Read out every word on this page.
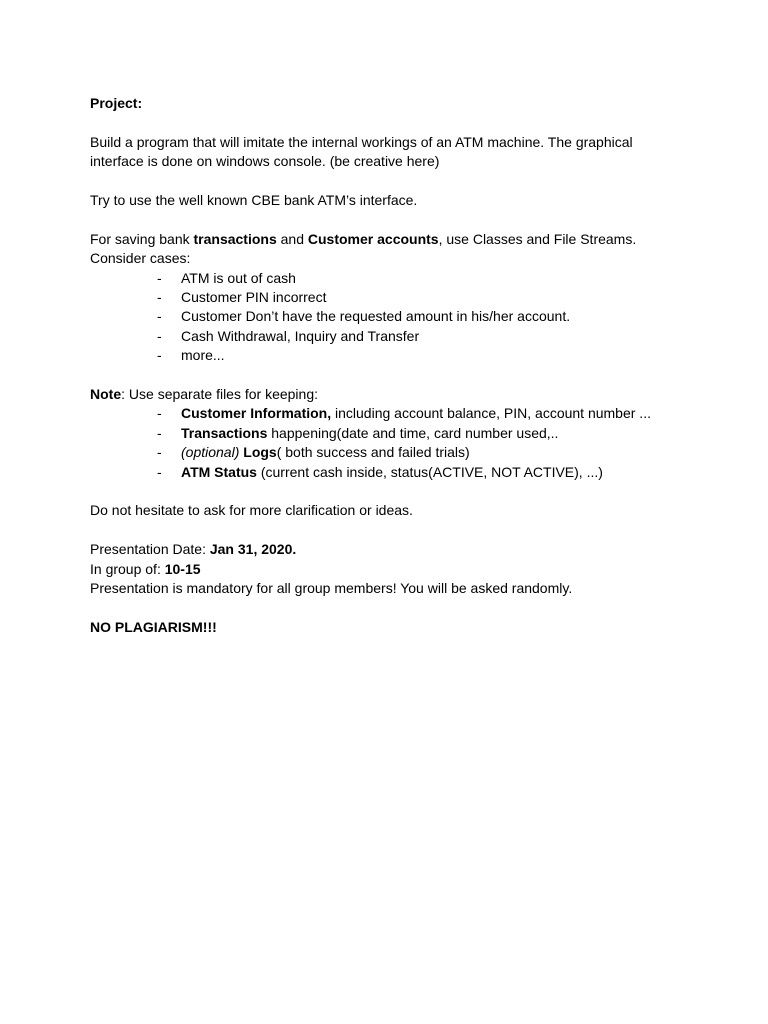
Project:
Build a program that will imitate the internal workings of an ATM machine. The graphical
interface is done on windows console. (be creative here)
Try to use the well known CBE bank ATM’s interface.
For saving bank transactions and Customer accounts, use Classes and File Streams.
Consider cases:
- ATM is out of cash
- Customer PIN incorrect
- Customer Don’t have the requested amount in his/her account.
- Cash Withdrawal, Inquiry and Transfer
- more...
Note: Use separate files for keeping:
- Customer Information, including account balance, PIN, account number ...
- Transactions happening(date and time, card number used,..
- (optional) Logs( both success and failed trials)
- ATM Status (current cash inside, status(ACTIVE, NOT ACTIVE), ...)
Do not hesitate to ask for more clarification or ideas.
Presentation Date: Jan 31, 2020.
In group of: 10-15
Presentation is mandatory for all group members! You will be asked randomly.
NO PLAGIARISM!!!
